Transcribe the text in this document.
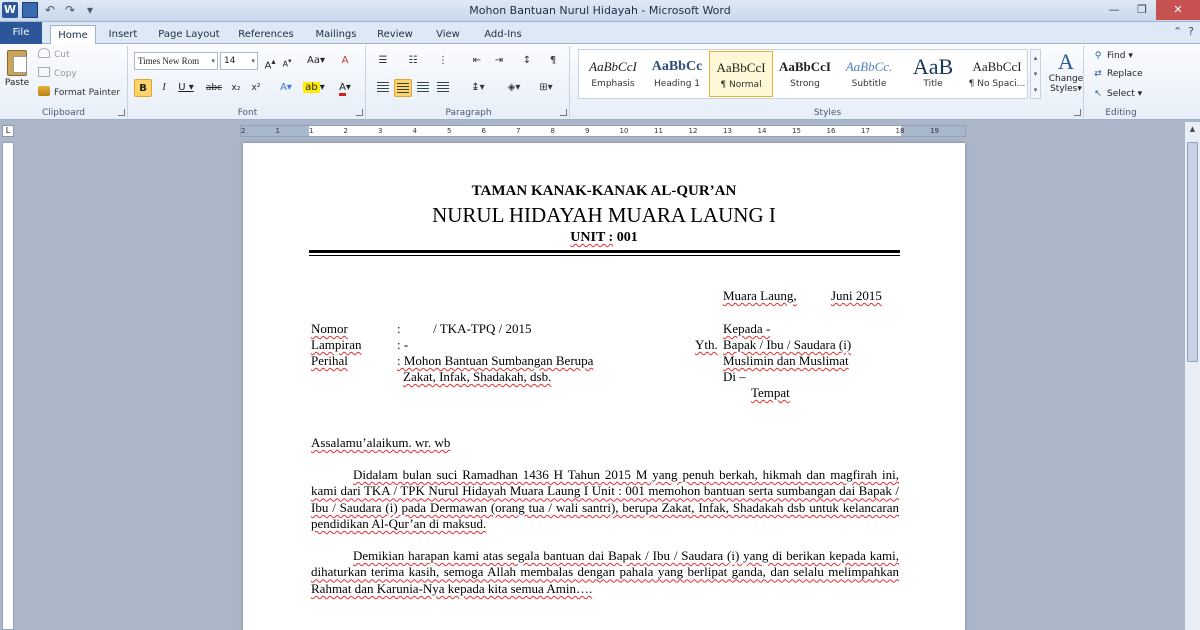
W ↶ ↷ ▾	Mohon Bantuan Nurul Hidayah - Microsoft Word	—	❐	✕
File	Home	Insert	Page Layout	References	Mailings	Review	View	Add-Ins	⌃ ?
Paste
Cut
Copy
Format Painter
Clipboard
Times New Rom ▾	14 ▾ A▴ A▾ Aa▾	A
B	I	U ▾ abc	x₂	x²	A▾	ab ▾	A▾
Font
☰	☷	⋮	⇤	⇥	↕	¶
↨▾	◈▾	⊞▾
Paragraph
AaBbCcI
Emphasis
AaBbCc
Heading 1
AaBbCcI
¶ Normal
AaBbCcI
Strong
AaBbCc.
Subtitle
AaB
Title
AaBbCcI
¶ No Spaci...
▴
▾
▾
A
Change Styles▾
Styles
⚲ Find ▾
⇄ Replace
↖ Select ▾
Editing
L	2	1	1	2	3	4	5	6	7	8	9	10	11	12	13	14	15	16	17	18	19	▲
TAMAN KANAK-KANAK AL-QUR’AN
NURUL HIDAYAH MUARA LAUNG I
UNIT : 001
Muara Laung,	Juni 2015
Nomor	:          / TKA-TPQ / 2015
Lampiran	: -
Perihal	: Mohon Bantuan Sumbangan Berupa
Zakat, Infak, Shadakah, dsb.
Kepada -
Yth. Bapak / Ibu / Saudara (i)
Muslimin dan Muslimat
Di –
Tempat
Assalamu’alaikum. wr. wb
Didalam bulan suci Ramadhan 1436 H Tahun 2015 M yang penuh berkah, hikmah dan magfirah ini, kami dari TKA / TPK Nurul Hidayah Muara Laung I Unit : 001 memohon bantuan serta sumbangan dai Bapak / Ibu / Saudara (i) pada Dermawan (orang tua / wali santri), berupa Zakat, Infak, Shadakah dsb untuk kelancaran pendidikan Al-Qur’an di maksud.
Demikian harapan kami atas segala bantuan dai Bapak / Ibu / Saudara (i) yang di berikan kepada kami, dihaturkan terima kasih, semoga Allah membalas dengan pahala yang berlipat ganda, dan selalu melimpahkan Rahmat dan Karunia-Nya kepada kita semua Amin….
